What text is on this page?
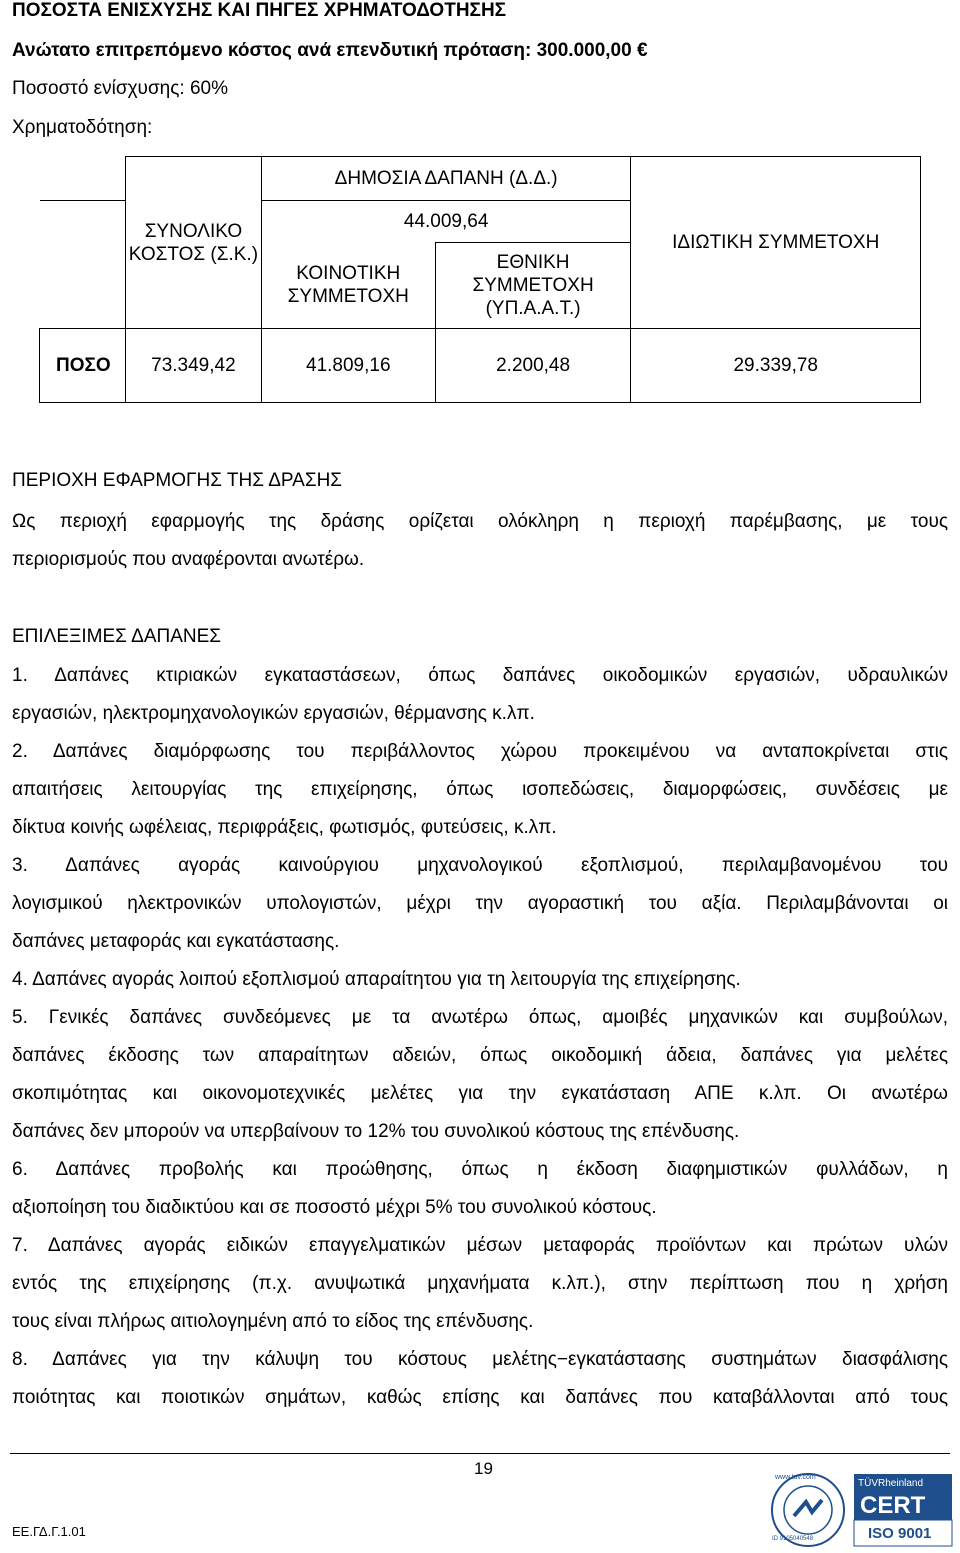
ΠΟΣΟΣΤΑ ΕΝΙΣΧΥΣΗΣ ΚΑΙ ΠΗΓΕΣ ΧΡΗΜΑΤΟΔΟΤΗΣΗΣ
Ανώτατο επιτρεπόμενο κόστος ανά επενδυτική πρόταση: 300.000,00 €
Ποσοστό ενίσχυσης: 60%
Χρηματοδότηση:
	ΣΥΝΟΛΙΚΟ ΚΟΣΤΟΣ (Σ.Κ.)	ΔΗΜΟΣΙΑ ΔΑΠΑΝΗ (Δ.Δ.)		ΙΔΙΩΤΙΚΗ ΣΥΜΜΕΤΟΧΗ
		44.009,64		
		ΚΟΙΝΟΤΙΚΗ ΣΥΜΜΕΤΟΧΗ	ΕΘΝΙΚΗ ΣΥΜΜΕΤΟΧΗ (ΥΠ.Α.Α.Τ.)	
ΠΟΣΟ	73.349,42	41.809,16	2.200,48	29.339,78
ΠΕΡΙΟΧΗ ΕΦΑΡΜΟΓΗΣ ΤΗΣ ΔΡΑΣΗΣ
Ως περιοχή εφαρμογής της δράσης ορίζεται ολόκληρη η περιοχή παρέμβασης, με τους
περιορισμούς που αναφέρονται ανωτέρω.
ΕΠΙΛΕΞΙΜΕΣ ΔΑΠΑΝΕΣ
1. Δαπάνες κτιριακών εγκαταστάσεων, όπως δαπάνες οικοδομικών εργασιών, υδραυλικών
εργασιών, ηλεκτρομηχανολογικών εργασιών, θέρμανσης κ.λπ.
2. Δαπάνες διαμόρφωσης του περιβάλλοντος χώρου προκειμένου να ανταποκρίνεται στις
απαιτήσεις λειτουργίας της επιχείρησης, όπως ισοπεδώσεις, διαμορφώσεις, συνδέσεις με
δίκτυα κοινής ωφέλειας, περιφράξεις, φωτισμός, φυτεύσεις, κ.λπ.
3. Δαπάνες αγοράς καινούργιου μηχανολογικού εξοπλισμού, περιλαμβανομένου του
λογισμικού ηλεκτρονικών υπολογιστών, μέχρι την αγοραστική του αξία. Περιλαμβάνονται οι
δαπάνες μεταφοράς και εγκατάστασης.
4. Δαπάνες αγοράς λοιπού εξοπλισμού απαραίτητου για τη λειτουργία της επιχείρησης.
5. Γενικές δαπάνες συνδεόμενες με τα ανωτέρω όπως, αμοιβές μηχανικών και συμβούλων,
δαπάνες έκδοσης των απαραίτητων αδειών, όπως οικοδομική άδεια, δαπάνες για μελέτες
σκοπιμότητας και οικονομοτεχνικές μελέτες για την εγκατάσταση ΑΠΕ κ.λπ. Οι ανωτέρω
δαπάνες δεν μπορούν να υπερβαίνουν το 12% του συνολικού κόστους της επένδυσης.
6. Δαπάνες προβολής και προώθησης, όπως η έκδοση διαφημιστικών φυλλάδων, η
αξιοποίηση του διαδικτύου και σε ποσοστό μέχρι 5% του συνολικού κόστους.
7. Δαπάνες αγοράς ειδικών επαγγελματικών μέσων μεταφοράς προϊόντων και πρώτων υλών
εντός της επιχείρησης (π.χ. ανυψωτικά μηχανήματα κ.λπ.), στην περίπτωση που η χρήση
τους είναι πλήρως αιτιολογημένη από το είδος της επένδυσης.
8. Δαπάνες για την κάλυψη του κόστους μελέτης−εγκατάστασης συστημάτων διασφάλισης
ποιότητας και ποιοτικών σημάτων, καθώς επίσης και δαπάνες που καταβάλλονται από τους
ΕΕ.ΓΔ.Γ.1.01
19	www.tuv.com
ID 9105040548
TÜVRheinland
CERT
ISO 9001
